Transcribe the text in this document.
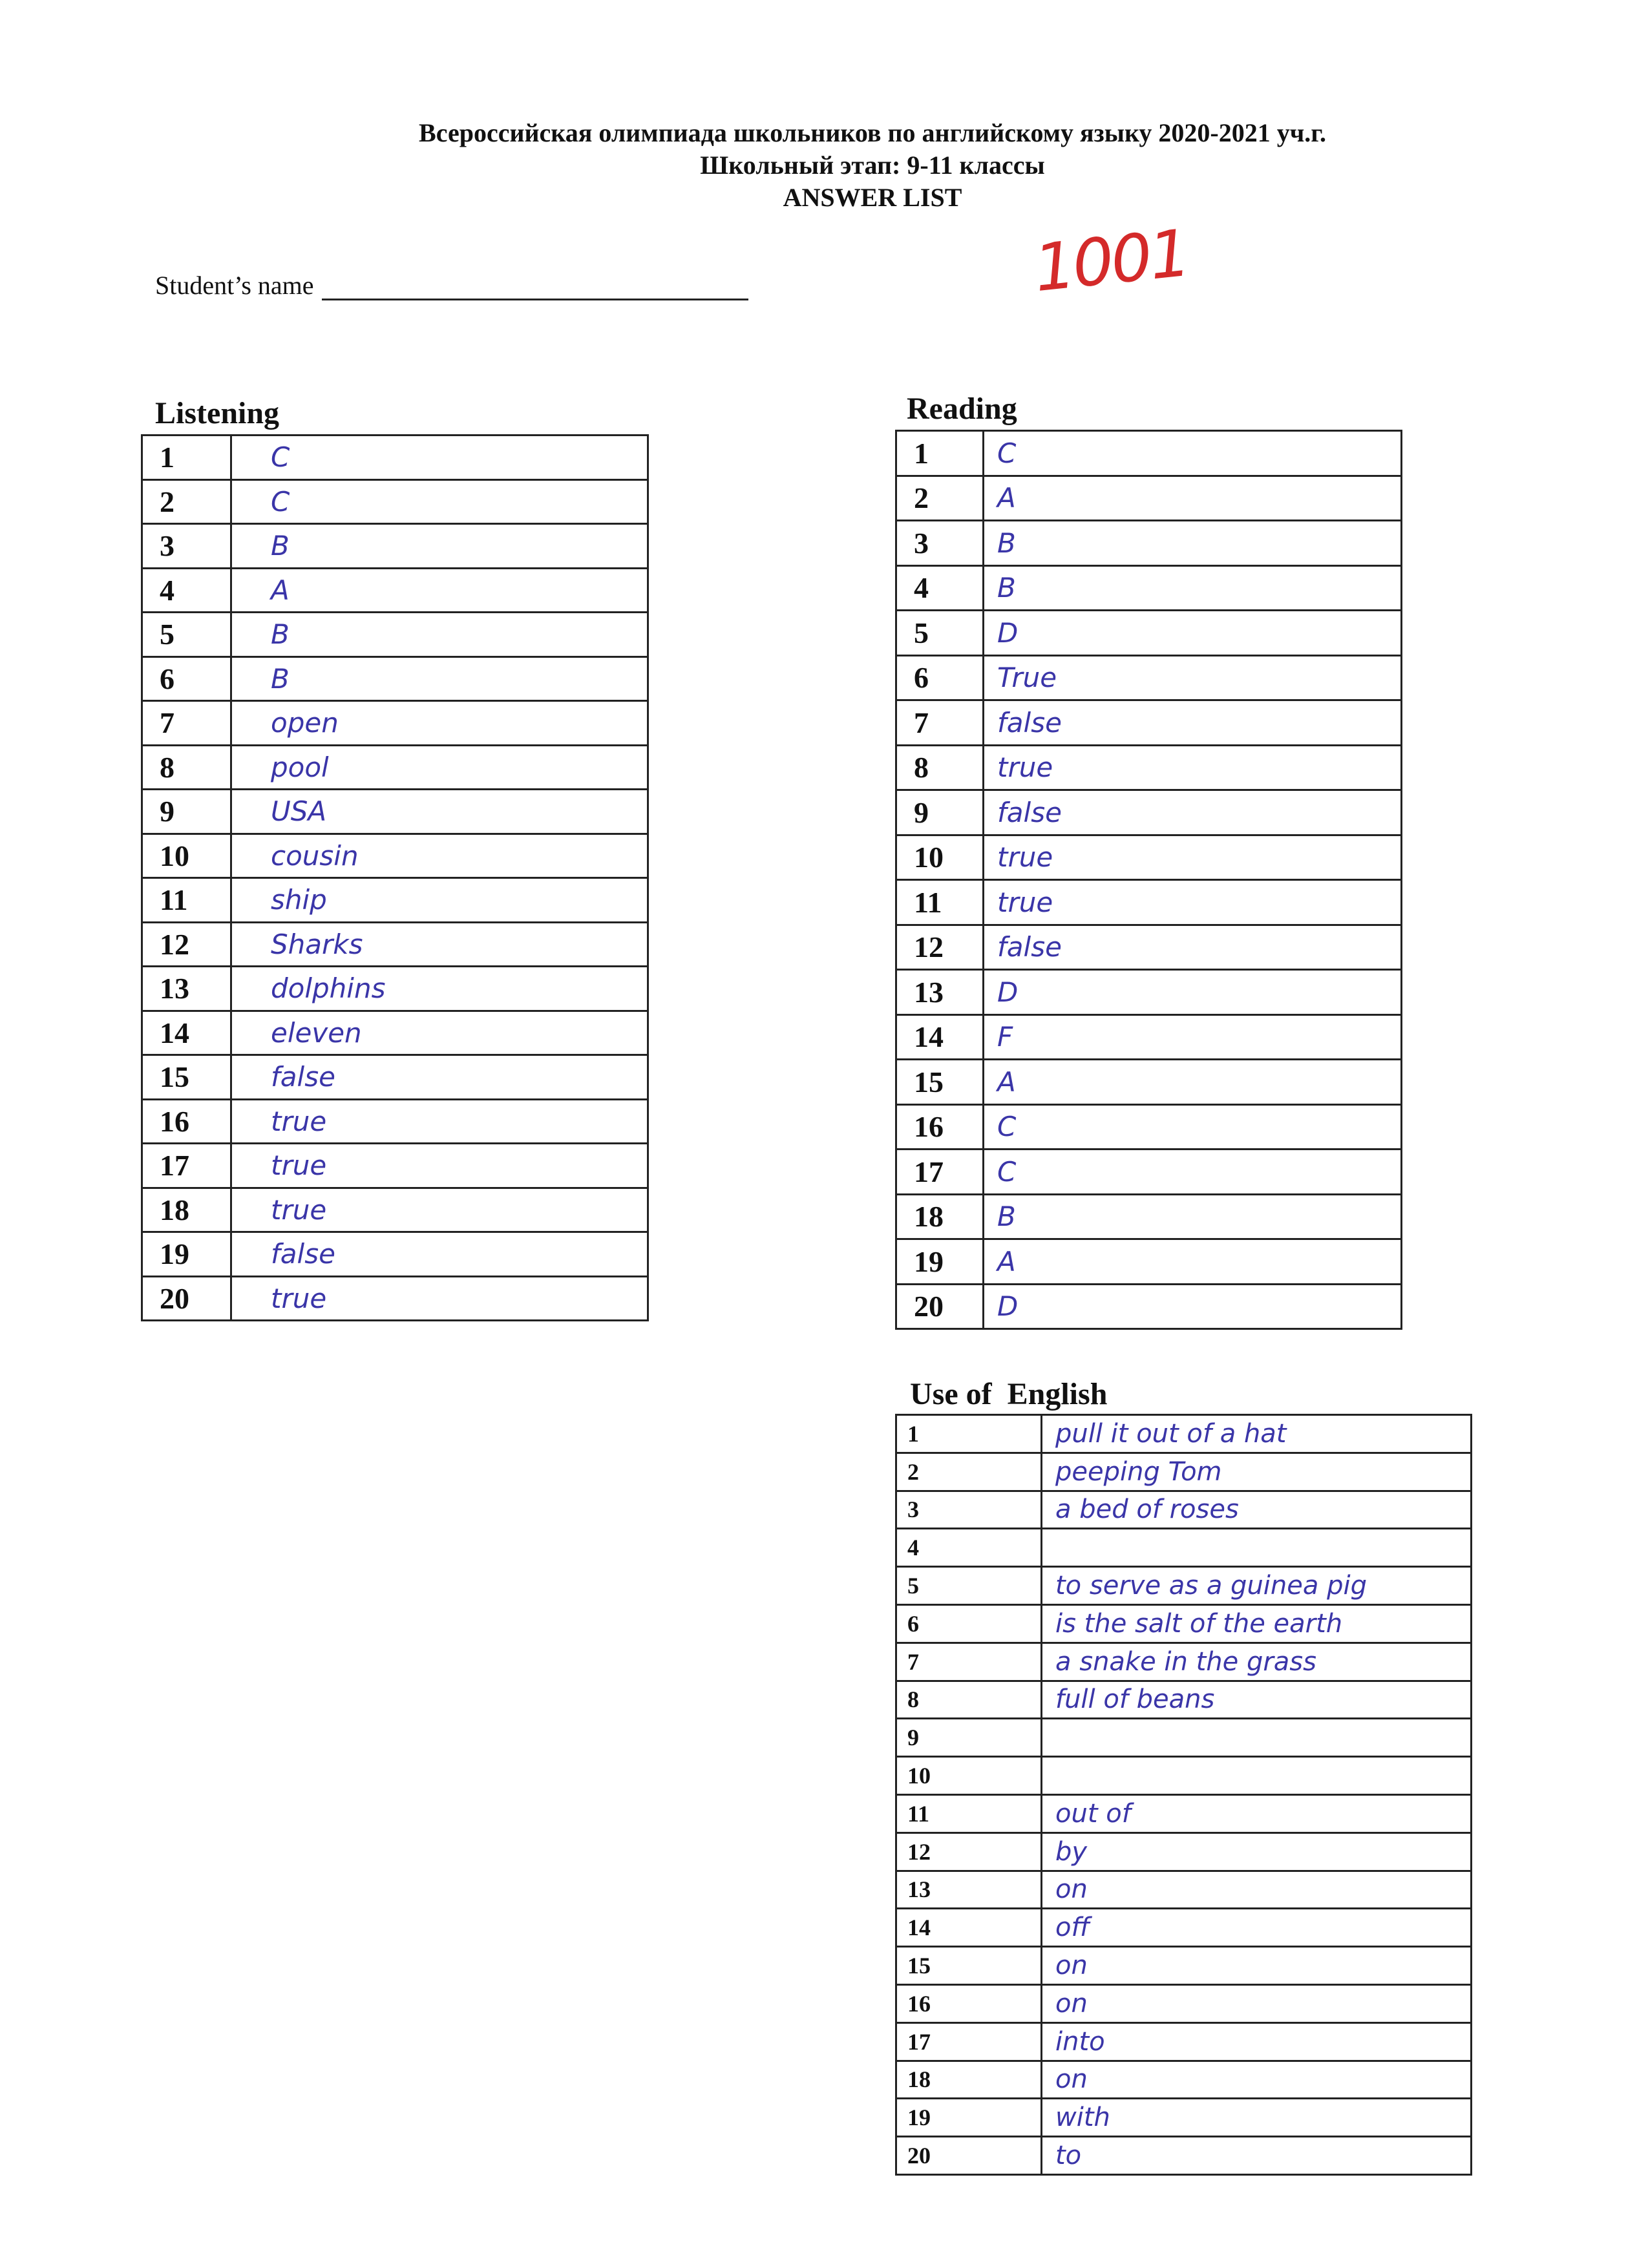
Всероссийская олимпиада школьников по английскому языку 2020-2021 уч.г.
Школьный этап: 9-11 классы
ANSWER LIST
Student’s name	1001
Listening
1	C
2	C
3	B
4	A
5	B
6	B
7	open
8	pool
9	USA
10	cousin
11	ship
12	Sharks
13	dolphins
14	eleven
15	false
16	true
17	true
18	true
19	false
20	true
Reading
1	C
2	A
3	B
4	B
5	D
6	True
7	false
8	true
9	false
10	true
11	true
12	false
13	D
14	F
15	A
16	C
17	C
18	B
19	A
20	D
Use of  English
1	pull it out of a hat
2	peeping Tom
3	a bed of roses
4	
5	to serve as a guinea pig
6	is the salt of the earth
7	a snake in the grass
8	full of beans
9	
10	
11	out of
12	by
13	on
14	off
15	on
16	on
17	into
18	on
19	with
20	to
